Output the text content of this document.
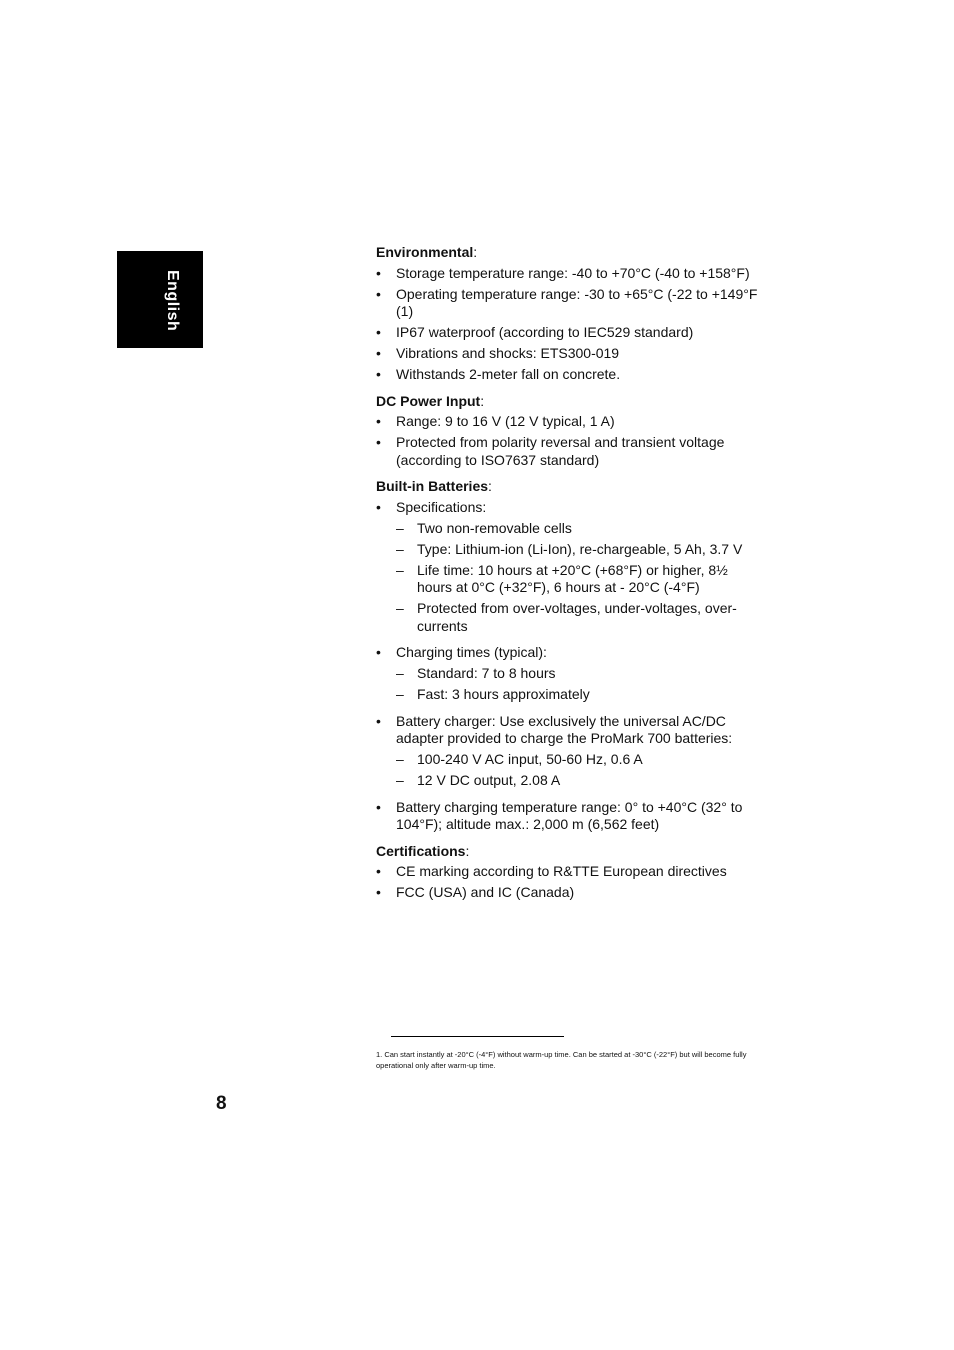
English
Environmental:
• Storage temperature range: -40 to +70°C (-40 to +158°F)
• Operating temperature range: -30 to +65°C (-22 to +149°F (1)
• IP67 waterproof (according to IEC529 standard)
• Vibrations and shocks: ETS300-019
• Withstands 2-meter fall on concrete.
DC Power Input:
• Range: 9 to 16 V (12 V typical, 1 A)
• Protected from polarity reversal and transient voltage (according to ISO7637 standard)
Built-in Batteries:
• Specifications:
– Two non-removable cells
– Type: Lithium-ion (Li-Ion), re-chargeable, 5 Ah, 3.7 V
– Life time: 10 hours at +20°C (+68°F) or higher, 8½ hours at 0°C (+32°F), 6 hours at - 20°C (-4°F)
– Protected from over-voltages, under-voltages, over-currents
• Charging times (typical):
– Standard: 7 to 8 hours
– Fast: 3 hours approximately
• Battery charger: Use exclusively the universal AC/DC adapter provided to charge the ProMark 700 batteries:
– 100-240 V AC input, 50-60 Hz, 0.6 A
– 12 V DC output, 2.08 A
• Battery charging temperature range: 0° to +40°C (32° to 104°F); altitude max.: 2,000 m (6,562 feet)
Certifications:
• CE marking according to R&TTE European directives
• FCC (USA) and IC (Canada)
1. Can start instantly at -20°C (-4°F) without warm-up time. Can be started at -30°C (-22°F) but will become fully operational only after warm-up time.
8
